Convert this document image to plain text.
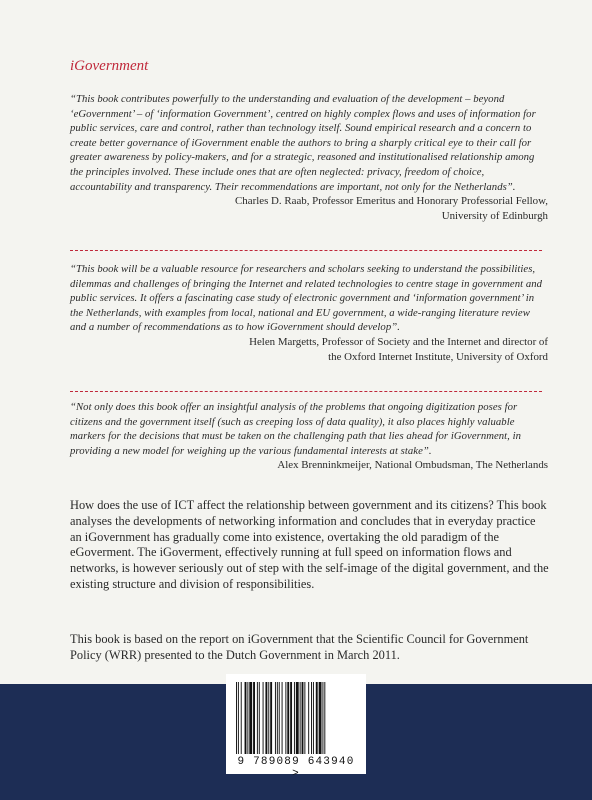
iGovernment

“This book contributes powerfully to the understanding and evaluation of the development – beyond ‘eGovernment’ – of ‘information Government’, centred on highly complex flows and uses of information for public services, care and control, rather than technology itself. Sound empirical research and a concern to create better governance of iGovernment enable the authors to bring a sharply critical eye to their call for greater awareness by policy-makers, and for a strategic, reasoned and institutionalised relationship among the principles involved. These include ones that are often neglected: privacy, freedom of choice, accountability and transparency. Their recommendations are important, not only for the Netherlands”.

Charles D. Raab, Professor Emeritus and Honorary Professorial Fellow,

University of Edinburgh

“This book will be a valuable resource for researchers and scholars seeking to understand the possibilities, dilemmas and challenges of bringing the Internet and related technologies to centre stage in government and public services. It offers a fascinating case study of electronic government and ‘information government’ in the Netherlands, with examples from local, national and EU government, a wide-ranging literature review and a number of recommendations as to how iGovernment should develop”.

Helen Margetts, Professor of Society and the Internet and director of

the Oxford Internet Institute, University of Oxford

“Not only does this book offer an insightful analysis of the problems that ongoing digitization poses for citizens and the government itself (such as creeping loss of data quality), it also places highly valuable markers for the decisions that must be taken on the challenging path that lies ahead for iGovernment, in providing a new model for weighing up the various fundamental interests at stake”.

Alex Brenninkmeijer, National Ombudsman, The Netherlands

How does the use of ICT affect the relationship between government and its citizens? This book analyses the developments of networking information and concludes that in everyday practice an iGovernment has gradually come into existence, overtaking the old paradigm of the eGoverment. The iGoverment, effectively running at full speed on information flows and networks, is however seriously out of step with the self-image of the digital government, and the existing structure and division of responsibilities.

This book is based on the report on iGovernment that the Scientific Council for Government Policy (WRR) presented to the Dutch Government in March 2011.

9 789089 643940 >
